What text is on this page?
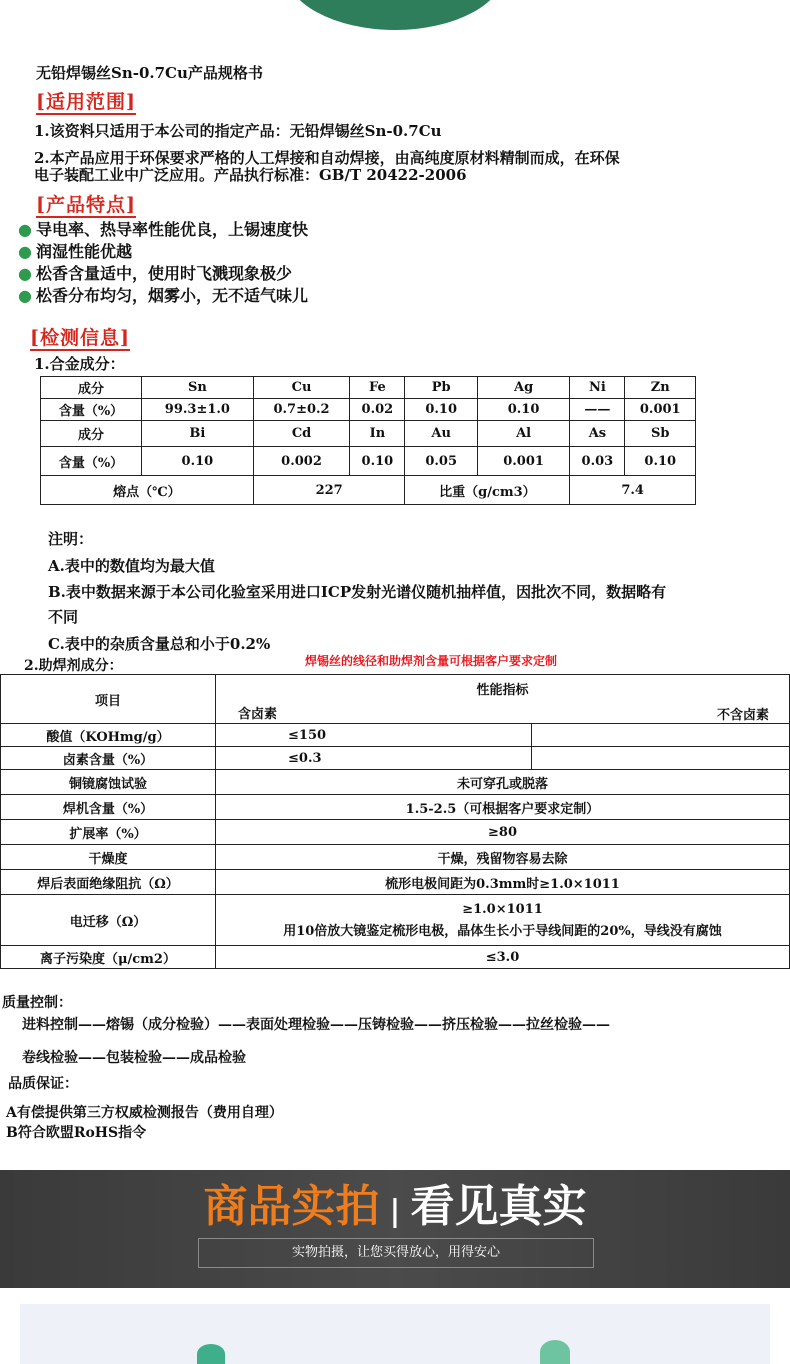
无铅焊锡丝Sn-0.7Cu产品规格书
[适用范围]
1.该资料只适用于本公司的指定产品：无铅焊锡丝Sn-0.7Cu
2.本产品应用于环保要求严格的人工焊接和自动焊接，由高纯度原材料精制而成，在环保
电子装配工业中广泛应用。产品执行标准：GB/T 20422-2006
[产品特点]
● 导电率、热导率性能优良，上锡速度快
● 润湿性能优越
● 松香含量适中，使用时飞溅现象极少
● 松香分布均匀，烟雾小，无不适气味儿
[检测信息]
1.合金成分：
成分	Sn	Cu	Fe	Pb	Ag	Ni	Zn
含量（%）	99.3±1.0	0.7±0.2	0.02	0.10	0.10	——	0.001
成分	Bi	Cd	In	Au	Al	As	Sb
含量（%）	0.10	0.002	0.10	0.05	0.001	0.03	0.10
熔点（℃）		227		比重（g/cm3）		7.4	
注明：
A.表中的数值均为最大值
B.表中数据来源于本公司化验室采用进口ICP发射光谱仪随机抽样值，因批次不同，数据略有
不同
C.表中的杂质含量总和小于0.2%
2.助焊剂成分：	焊锡丝的线径和助焊剂含量可根据客户要求定制
项目	性能指标	
	含卤素 不含卤素	

酸值（KOHmg/g）	≤150	
卤素含量（%）	≤0.3	
铜镜腐蚀试验	未可穿孔或脱落	
焊机含量（%）	1.5-2.5（可根据客户要求定制）	
扩展率（%）	≥80	
干燥度	干燥，残留物容易去除	
焊后表面绝缘阻抗（Ω）	梳形电极间距为0.3mm时≥1.0×1011	
电迁移（Ω）	≥1.0×1011
用10倍放大镜鉴定梳形电极，晶体生长小于导线间距的20%，导线没有腐蚀	

离子污染度（μ/cm2）	≤3.0	
质量控制：
进料控制——熔锡（成分检验）——表面处理检验——压铸检验——挤压检验——拉丝检验——
卷线检验——包装检验——成品检验
品质保证：
A有偿提供第三方权威检测报告（费用自理）
B符合欧盟RoHS指令
商品实拍 | 看见真实
实物拍摄，让您买得放心，用得安心
